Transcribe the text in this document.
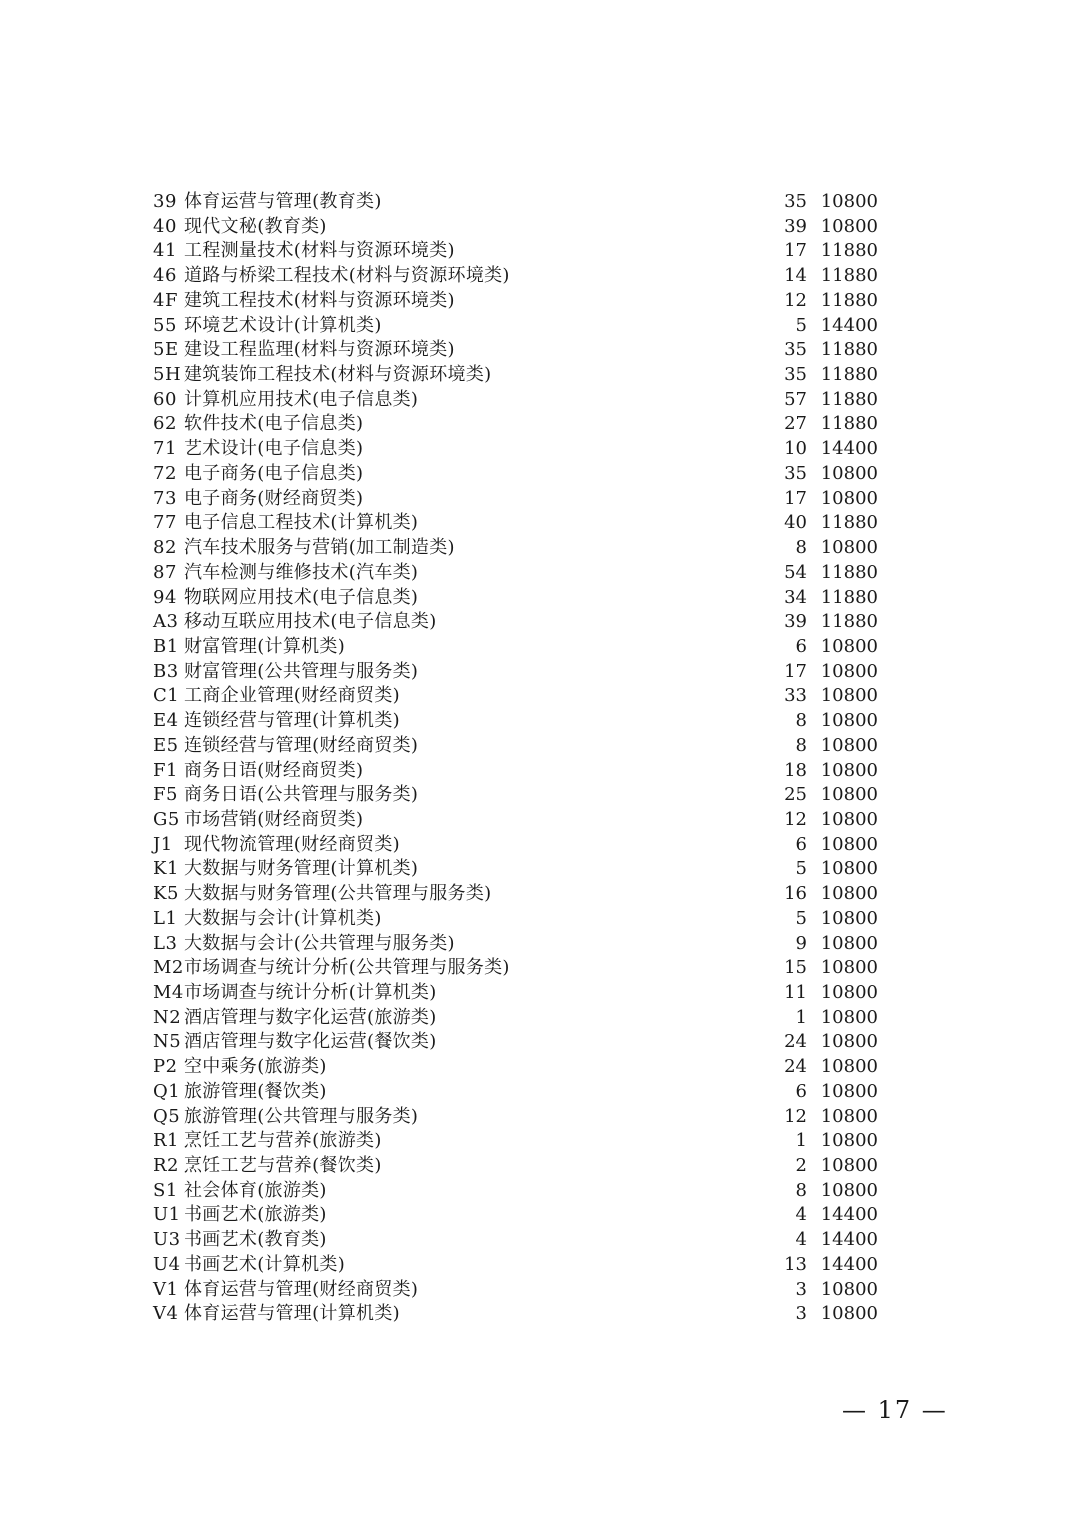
39 体育运营与管理(教育类)	35 10800
40 现代文秘(教育类)	39 10800
41 工程测量技术(材料与资源环境类)	17 11880
46 道路与桥梁工程技术(材料与资源环境类)	14 11880
4F 建筑工程技术(材料与资源环境类)	12 11880
55 环境艺术设计(计算机类)	5 14400
5E 建设工程监理(材料与资源环境类)	35 11880
5H 建筑装饰工程技术(材料与资源环境类)	35 11880
60 计算机应用技术(电子信息类)	57 11880
62 软件技术(电子信息类)	27 11880
71 艺术设计(电子信息类)	10 14400
72 电子商务(电子信息类)	35 10800
73 电子商务(财经商贸类)	17 10800
77 电子信息工程技术(计算机类)	40 11880
82 汽车技术服务与营销(加工制造类)	8 10800
87 汽车检测与维修技术(汽车类)	54 11880
94 物联网应用技术(电子信息类)	34 11880
A3 移动互联应用技术(电子信息类)	39 11880
B1 财富管理(计算机类)	6 10800
B3 财富管理(公共管理与服务类)	17 10800
C1 工商企业管理(财经商贸类)	33 10800
E4 连锁经营与管理(计算机类)	8 10800
E5 连锁经营与管理(财经商贸类)	8 10800
F1 商务日语(财经商贸类)	18 10800
F5 商务日语(公共管理与服务类)	25 10800
G5 市场营销(财经商贸类)	12 10800
J1 现代物流管理(财经商贸类)	6 10800
K1 大数据与财务管理(计算机类)	5 10800
K5 大数据与财务管理(公共管理与服务类)	16 10800
L1 大数据与会计(计算机类)	5 10800
L3 大数据与会计(公共管理与服务类)	9 10800
M2 市场调查与统计分析(公共管理与服务类)	15 10800
M4 市场调查与统计分析(计算机类)	11 10800
N2 酒店管理与数字化运营(旅游类)	1 10800
N5 酒店管理与数字化运营(餐饮类)	24 10800
P2 空中乘务(旅游类)	24 10800
Q1 旅游管理(餐饮类)	6 10800
Q5 旅游管理(公共管理与服务类)	12 10800
R1 烹饪工艺与营养(旅游类)	1 10800
R2 烹饪工艺与营养(餐饮类)	2 10800
S1 社会体育(旅游类)	8 10800
U1 书画艺术(旅游类)	4 14400
U3 书画艺术(教育类)	4 14400
U4 书画艺术(计算机类)	13 14400
V1 体育运营与管理(财经商贸类)	3 10800
V4 体育运营与管理(计算机类)	3 10800
— 17 —
